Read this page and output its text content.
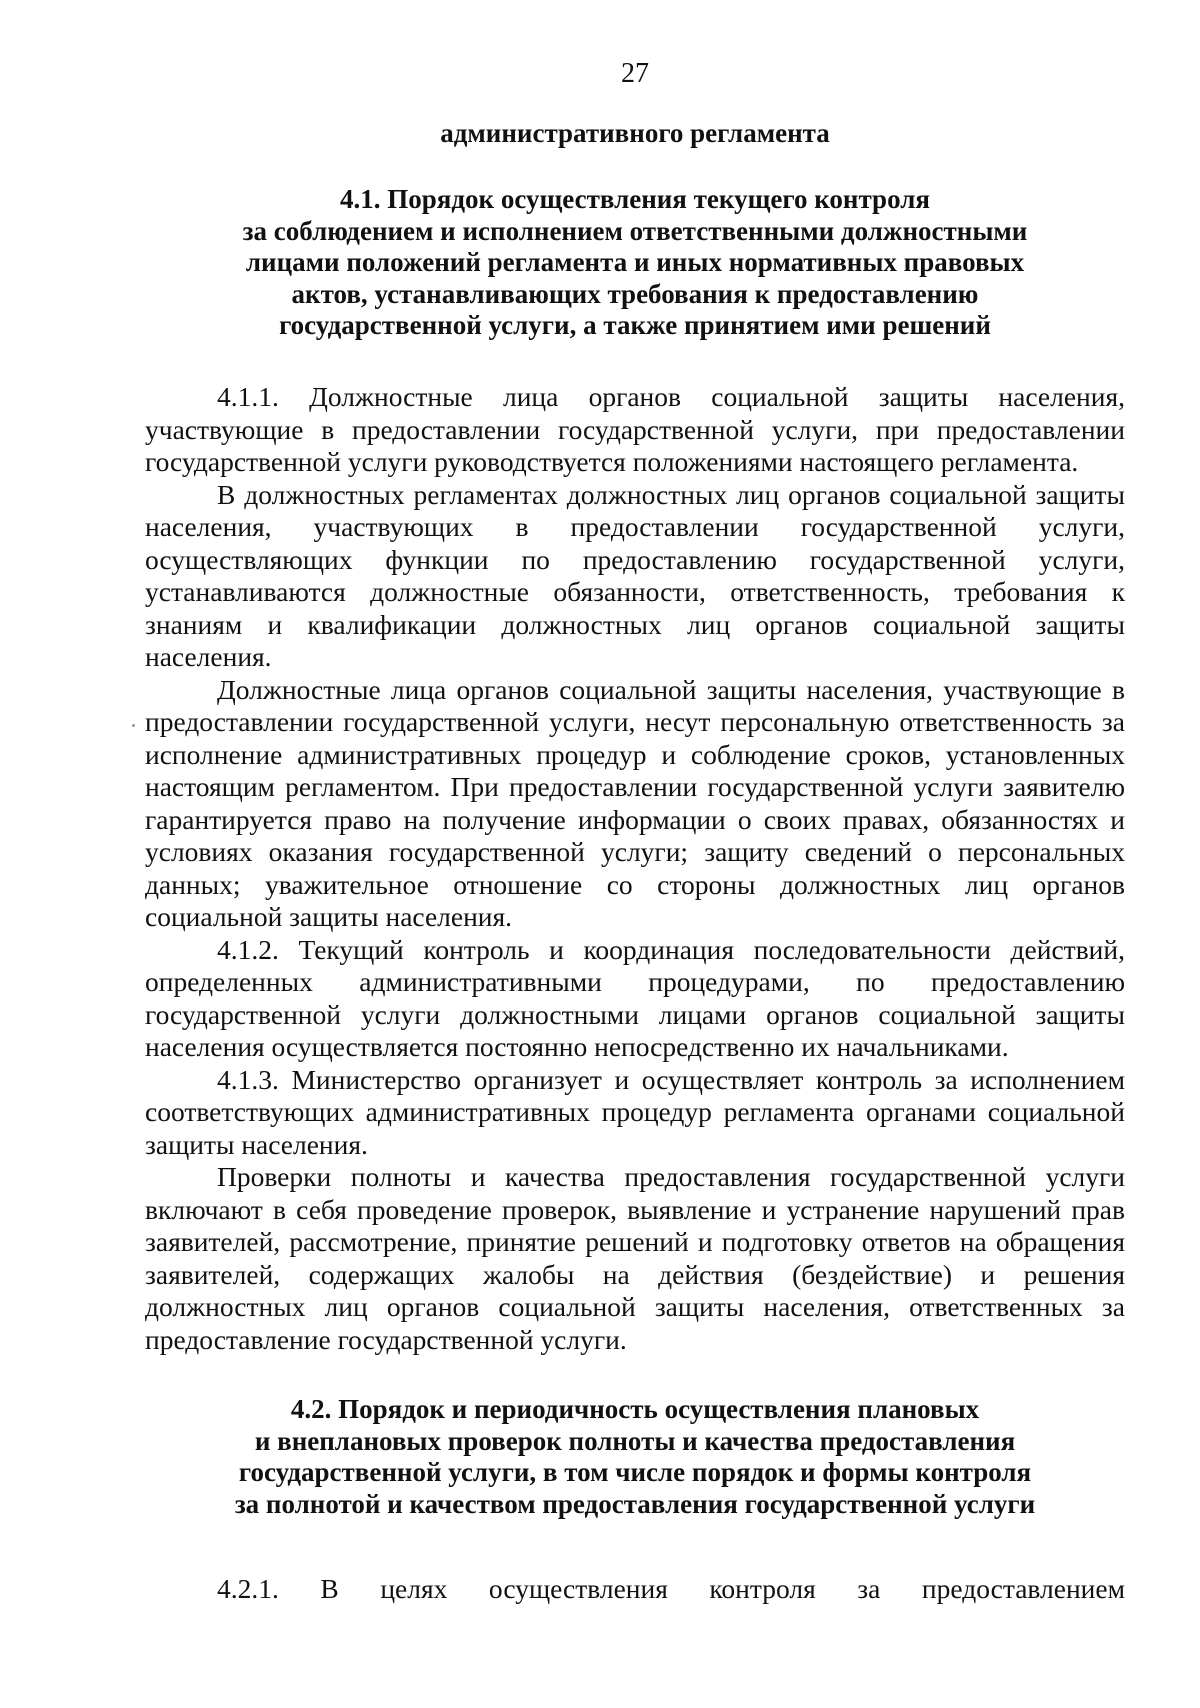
27
административного регламента
4.1. Порядок осуществления текущего контроля
за соблюдением и исполнением ответственными должностными
лицами положений регламента и иных нормативных правовых
актов, устанавливающих требования к предоставлению
государственной услуги, а также принятием ими решений

4.1.1. Должностные лица органов социальной защиты населения, участвующие в предоставлении государственной услуги, при предоставлении государственной услуги руководствуется положениями настоящего регламента.

В должностных регламентах должностных лиц органов социальной защиты населения, участвующих в предоставлении государственной услуги, осуществляющих функции по предоставлению государственной услуги, устанавливаются должностные обязанности, ответственность, требования к знаниям и квалификации должностных лиц органов социальной защиты населения.

Должностные лица органов социальной защиты населения, участвующие в предоставлении государственной услуги, несут персональную ответственность за исполнение административных процедур и соблюдение сроков, установленных настоящим регламентом. При предоставлении государственной услуги заявителю гарантируется право на получение информации о своих правах, обязанностях и условиях оказания государственной услуги; защиту сведений о персональных данных; уважительное отношение со стороны должностных лиц органов социальной защиты населения.

4.1.2. Текущий контроль и координация последовательности действий, определенных административными процедурами, по предоставлению государственной услуги должностными лицами органов социальной защиты населения осуществляется постоянно непосредственно их начальниками.

4.1.3. Министерство организует и осуществляет контроль за исполнением соответствующих административных процедур регламента органами социальной защиты населения.

Проверки полноты и качества предоставления государственной услуги включают в себя проведение проверок, выявление и устранение нарушений прав заявителей, рассмотрение, принятие решений и подготовку ответов на обращения заявителей, содержащих жалобы на действия (бездействие) и решения должностных лиц органов социальной защиты населения, ответственных за предоставление государственной услуги.

4.2. Порядок и периодичность осуществления плановых
и внеплановых проверок полноты и качества предоставления
государственной услуги, в том числе порядок и формы контроля
за полнотой и качеством предоставления государственной услуги

4.2.1. В целях осуществления контроля за предоставлением
